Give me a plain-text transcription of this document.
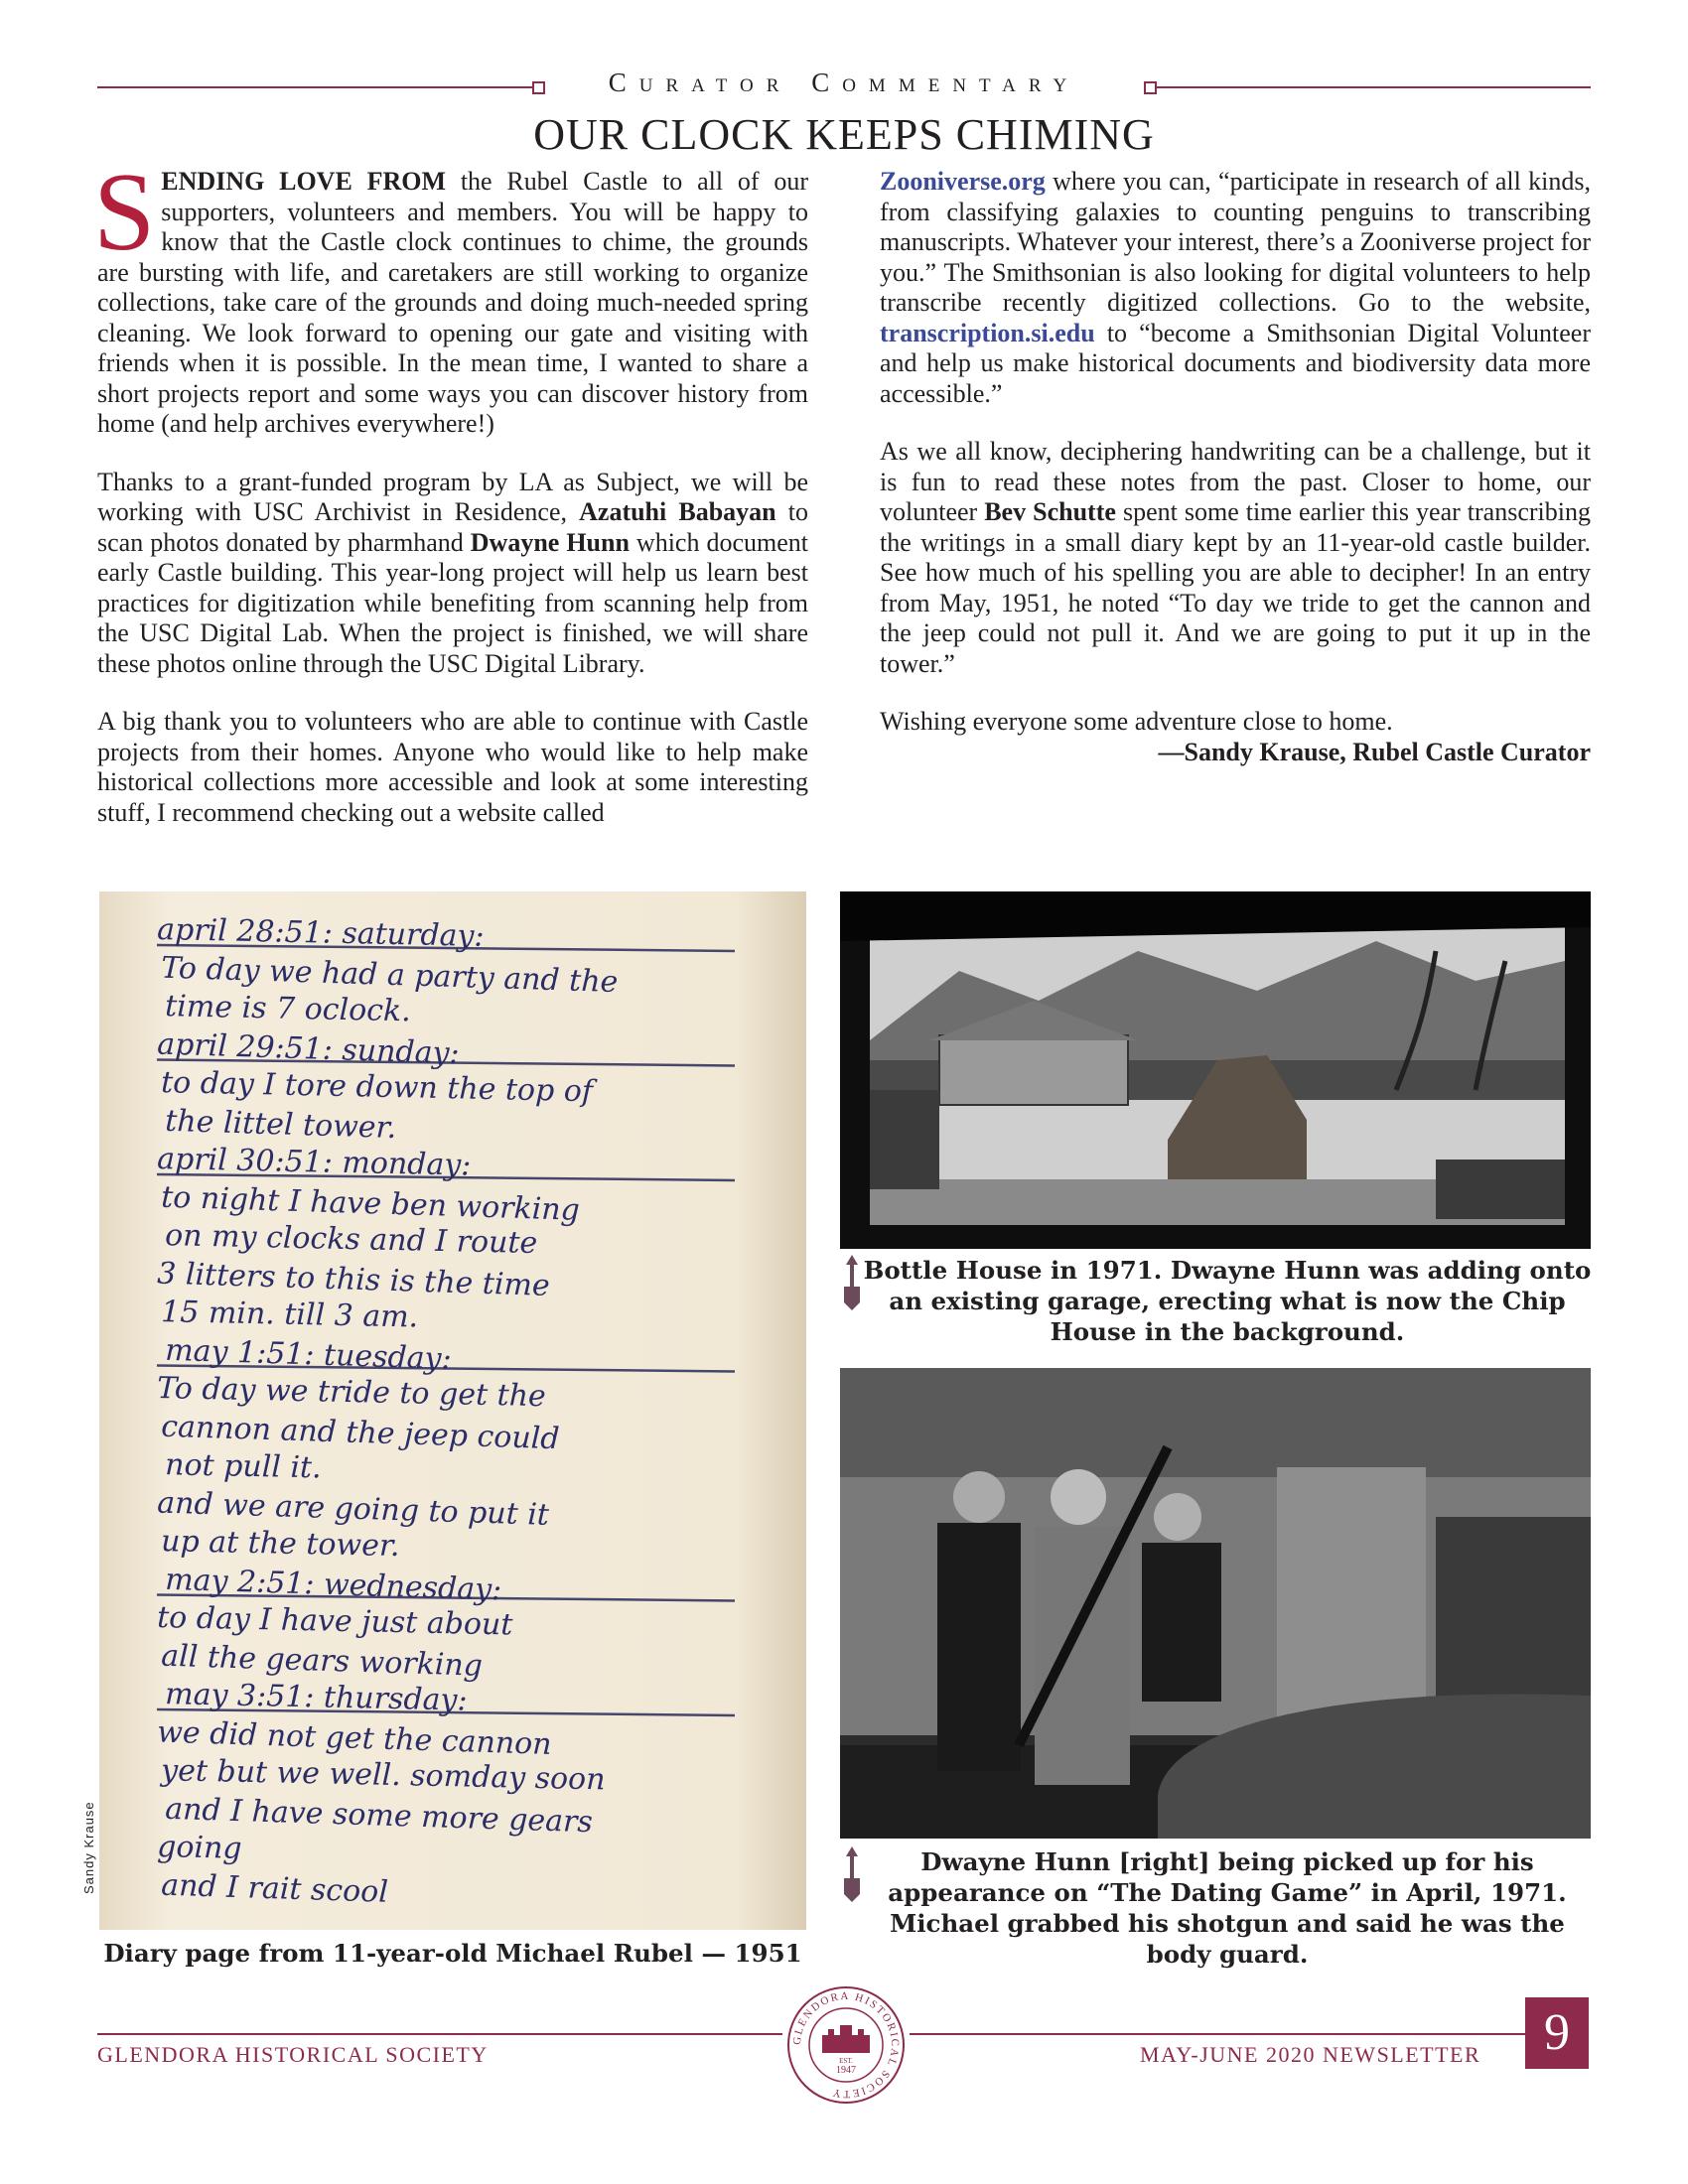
Curator Commentary
OUR CLOCK KEEPS CHIMING

SENDING LOVE FROM the Rubel Castle to all of our supporters, volunteers and members. You will be happy to know that the Castle clock continues to chime, the grounds are bursting with life, and caretakers are still working to organize collections, take care of the grounds and doing much-needed spring cleaning. We look forward to opening our gate and visiting with friends when it is possible. In the mean time, I wanted to share a short projects report and some ways you can discover history from home (and help archives everywhere!)

Thanks to a grant-funded program by LA as Subject, we will be working with USC Archivist in Residence, Azatuhi Babayan to scan photos donated by pharmhand Dwayne Hunn which document early Castle building. This year-long project will help us learn best practices for digitization while benefiting from scanning help from the USC Digital Lab. When the project is finished, we will share these photos online through the USC Digital Library.

A big thank you to volunteers who are able to continue with Castle projects from their homes. Anyone who would like to help make historical collections more accessible and look at some interesting stuff, I recommend checking out a website called

Zooniverse.org where you can, “participate in research of all kinds, from classifying galaxies to counting penguins to transcribing manuscripts. Whatever your interest, there’s a Zooniverse project for you.” The Smithsonian is also looking for digital volunteers to help transcribe recently digitized collections. Go to the website, transcription.si.edu to “become a Smithsonian Digital Volunteer and help us make historical documents and biodiversity data more accessible.”

As we all know, deciphering handwriting can be a challenge, but it is fun to read these notes from the past. Closer to home, our volunteer Bev Schutte spent some time earlier this year transcribing the writings in a small diary kept by an 11-year-old castle builder. See how much of his spelling you are able to decipher! In an entry from May, 1951, he noted “To day we tride to get the cannon and the jeep could not pull it. And we are going to put it up in the tower.”

Wishing everyone some adventure close to home.

—Sandy Krause, Rubel Castle Curator
april 28:51: saturday:
To day we had a party and the
time is 7 oclock.
april 29:51: sunday:
to day I tore down the top of
the littel tower.
april 30:51: monday:
to night I have ben working
on my clocks and I route
3 litters to this is the time
15 min. till 3 am.
may 1:51: tuesday:
To day we tride to get the
cannon and the jeep could
not pull it.
and we are going to put it
up at the tower.
may 2:51: wednesday:
to day I have just about
all the gears working
may 3:51: thursday:
we did not get the cannon
yet but we well. somday soon
and I have some more gears
going
and I rait scool
Sandy Krause
Diary page from 11-year-old Michael Rubel — 1951
Bottle House in 1971. Dwayne Hunn was adding onto an existing garage, erecting what is now the Chip House in the background.
Dwayne Hunn [right] being picked up for his appearance on “The Dating Game” in April, 1971. Michael grabbed his shotgun and said he was the body guard.
GLENDORA HISTORICAL SOCIETY	MAY-JUNE 2020 NEWSLETTER	9
GLENDORA HISTORICAL SOCIETY
EST.
1947
